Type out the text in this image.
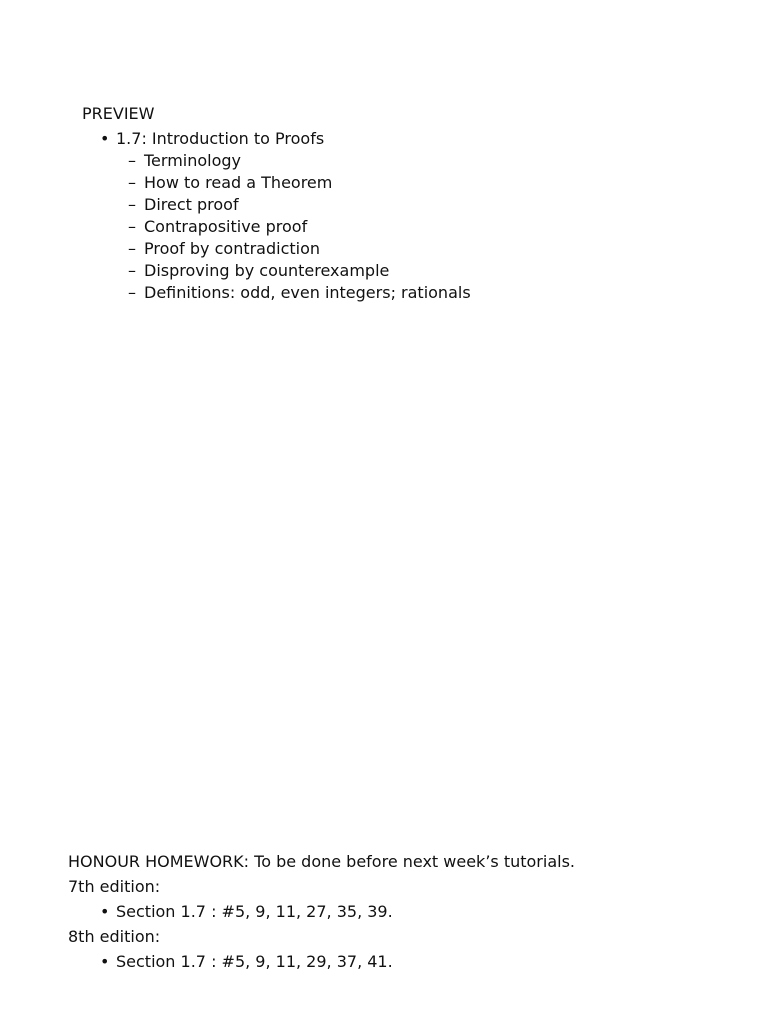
PREVIEW
• 1.7: Introduction to Proofs
– Terminology
– How to read a Theorem
– Direct proof
– Contrapositive proof
– Proof by contradiction
– Disproving by counterexample
– Definitions: odd, even integers; rationals
HONOUR HOMEWORK: To be done before next week’s tutorials.
7th edition:
• Section 1.7 : #5, 9, 11, 27, 35, 39.
8th edition:
• Section 1.7 : #5, 9, 11, 29, 37, 41.
